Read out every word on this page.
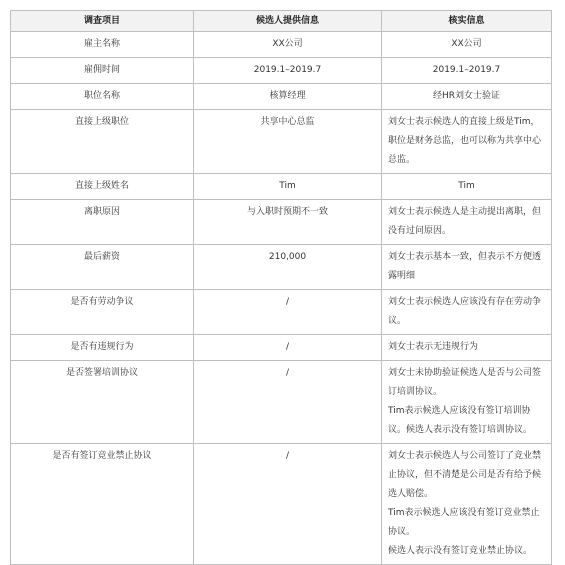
调查项目	候选人提供信息	核实信息
雇主名称	XX公司	XX公司

雇佣时间	2019.1–2019.7	2019.1–2019.7

职位名称	核算经理	经HR刘女士验证

直接上级职位	共享中心总监	刘女士表示候选人的直接上级是Tim，职位是财务总监，也可以称为共享中心总监。

直接上级姓名	Tim	Tim

离职原因	与入职时预期不一致	刘女士表示候选人是主动提出离职，但没有过问原因。

最后薪资	210,000	刘女士表示基本一致，但表示不方便透露明细

是否有劳动争议	/	刘女士表示候选人应该没有存在劳动争议。

是否有违规行为	/	刘女士表示无违规行为

是否签署培训协议	/	刘女士未协助验证候选人是否与公司签订培训协议。
Tim表示候选人应该没有签订培训协议。候选人表示没有签订培训协议。

是否有签订竞业禁止协议	/	刘女士表示候选人与公司签订了竞业禁止协议，但不清楚是公司是否有给予候选人赔偿。
Tim表示候选人应该没有签订竞业禁止协议。
候选人表示没有签订竞业禁止协议。
